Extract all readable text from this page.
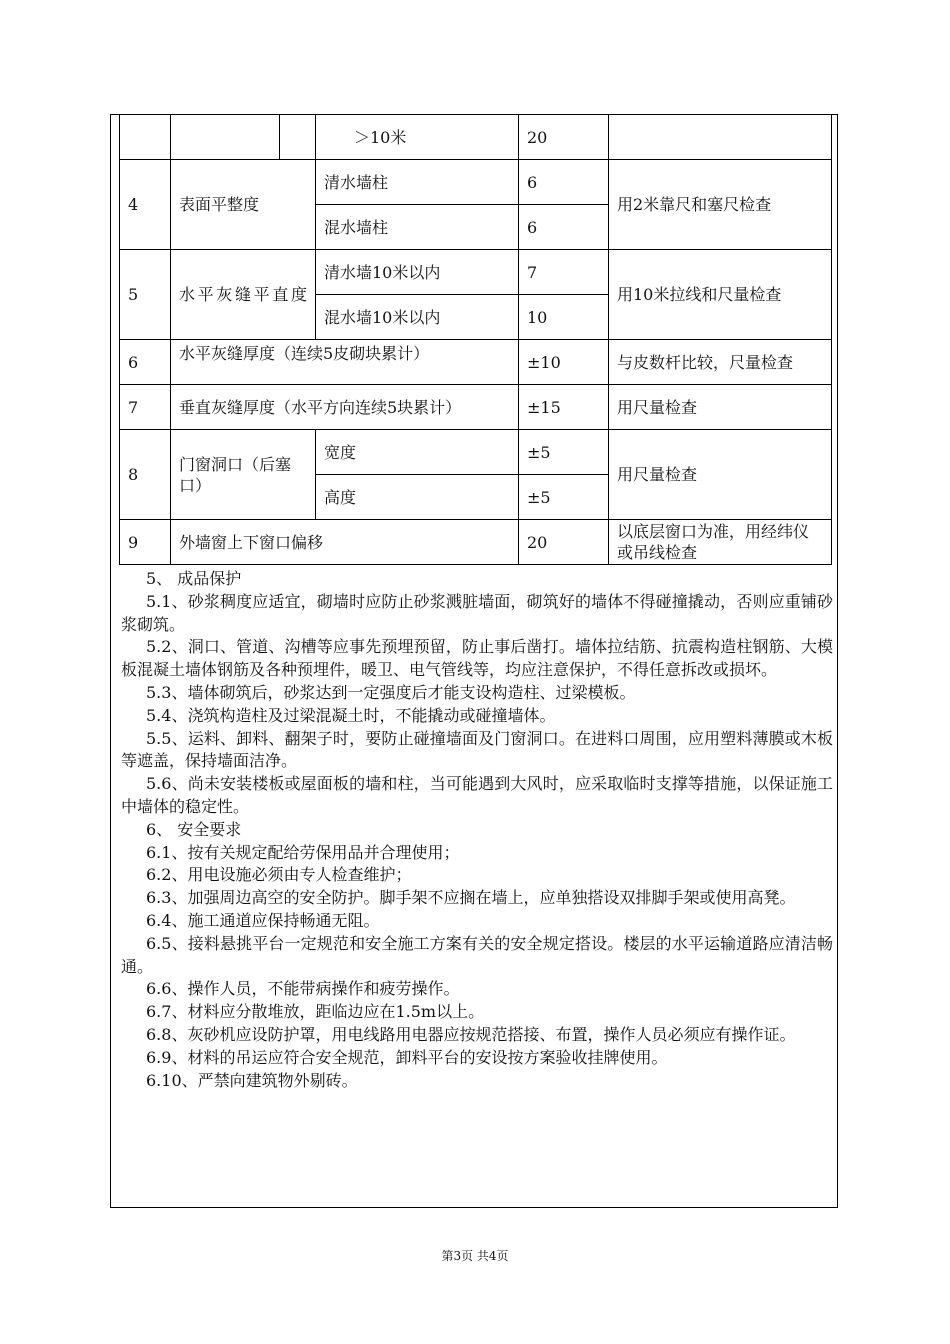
			＞10米	20	
4	表面平整度		清水墙柱	6	用2米靠尺和塞尺检查
			混水墙柱	6	
5	水平灰缝平直度		清水墙10米以内	7	用10米拉线和尺量检查
			混水墙10米以内	10	
6	水平灰缝厚度（连续5皮砌块累计）			±10	与皮数杆比较，尺量检查
7	垂直灰缝厚度（水平方向连续5块累计）			±15	用尺量检查
8	门窗洞口（后塞口）		宽度	±5	用尺量检查
			高度	±5	
9	外墙窗上下窗口偏移			20	以底层窗口为准，用经纬仪或吊线检查

5、 成品保护

5.1、砂浆稠度应适宜，砌墙时应防止砂浆溅脏墙面，砌筑好的墙体不得碰撞撬动，否则应重铺砂浆砌筑。

5.2、洞口、管道、沟槽等应事先预埋预留，防止事后凿打。墙体拉结筋、抗震构造柱钢筋、大模板混凝土墙体钢筋及各种预埋件，暖卫、电气管线等，均应注意保护，不得任意拆改或损坏。

5.3、墙体砌筑后，砂浆达到一定强度后才能支设构造柱、过梁模板。

5.4、浇筑构造柱及过梁混凝土时，不能撬动或碰撞墙体。

5.5、运料、卸料、翻架子时，要防止碰撞墙面及门窗洞口。在进料口周围，应用塑料薄膜或木板等遮盖，保持墙面洁净。

5.6、尚未安装楼板或屋面板的墙和柱，当可能遇到大风时，应采取临时支撑等措施，以保证施工中墙体的稳定性。

6、 安全要求

6.1、按有关规定配给劳保用品并合理使用；

6.2、用电设施必须由专人检查维护；

6.3、加强周边高空的安全防护。脚手架不应搁在墙上，应单独搭设双排脚手架或使用高凳。

6.4、施工通道应保持畅通无阻。

6.5、接料悬挑平台一定规范和安全施工方案有关的安全规定搭设。楼层的水平运输道路应清洁畅通。

6.6、操作人员，不能带病操作和疲劳操作。

6.7、材料应分散堆放，距临边应在1.5m以上。

6.8、灰砂机应设防护罩，用电线路用电器应按规范搭接、布置，操作人员必须应有操作证。

6.9、材料的吊运应符合安全规范，卸料平台的安设按方案验收挂牌使用。

6.10、严禁向建筑物外剔砖。

第3页 共4页
